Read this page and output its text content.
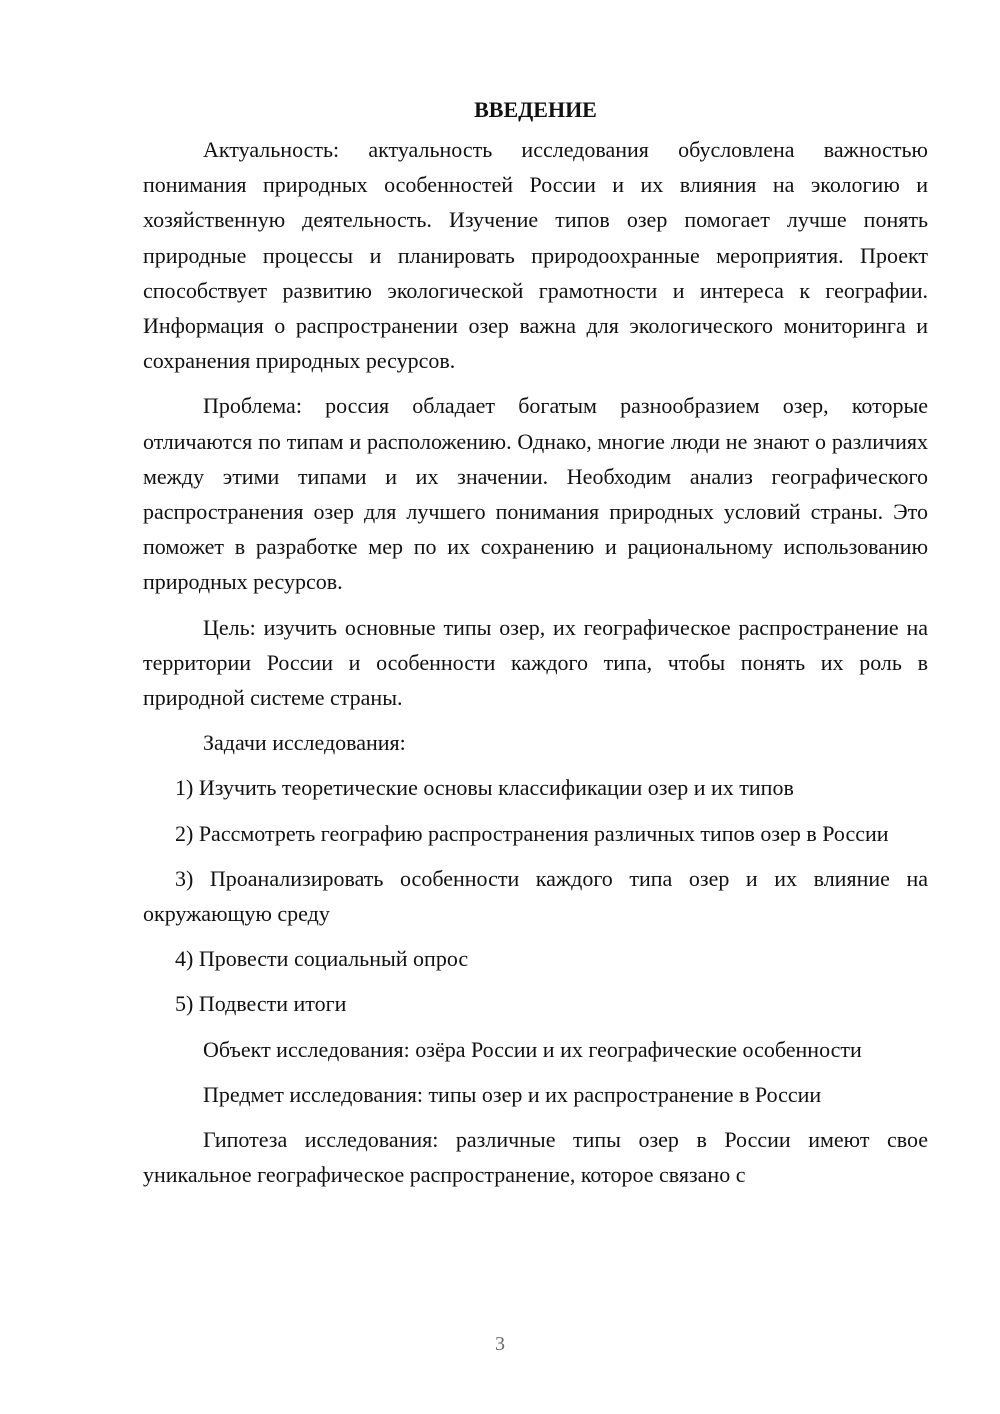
ВВЕДЕНИЕ

Актуальность: актуальность исследования обусловлена важностью понимания природных особенностей России и их влияния на экологию и хозяйственную деятельность. Изучение типов озер помогает лучше понять природные процессы и планировать природоохранные мероприятия. Проект способствует развитию экологической грамотности и интереса к географии. Информация о распространении озер важна для экологического мониторинга и сохранения природных ресурсов.

Проблема: россия обладает богатым разнообразием озер, которые отличаются по типам и расположению. Однако, многие люди не знают о различиях между этими типами и их значении. Необходим анализ географического распространения озер для лучшего понимания природных условий страны. Это поможет в разработке мер по их сохранению и рациональному использованию природных ресурсов.

Цель: изучить основные типы озер, их географическое распространение на территории России и особенности каждого типа, чтобы понять их роль в природной системе страны.

Задачи исследования:

1) Изучить теоретические основы классификации озер и их типов

2) Рассмотреть географию распространения различных типов озер в России

3) Проанализировать особенности каждого типа озер и их влияние на окружающую среду

4) Провести социальный опрос

5) Подвести итоги

Объект исследования: озёра России и их географические особенности

Предмет исследования: типы озер и их распространение в России

Гипотеза исследования: различные типы озер в России имеют свое уникальное географическое распространение, которое связано с

3
